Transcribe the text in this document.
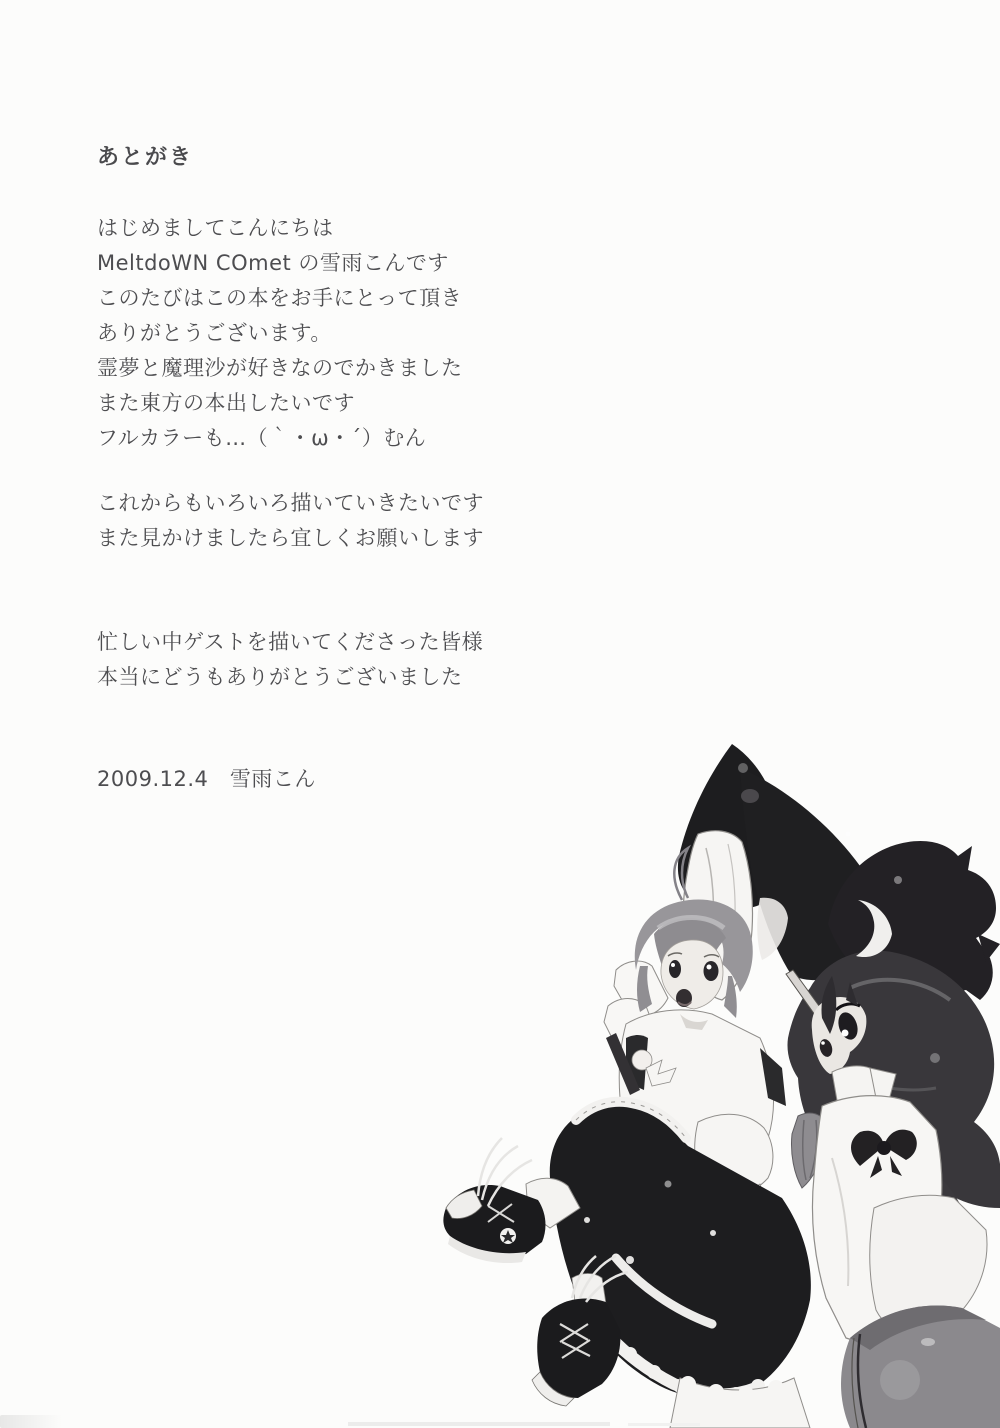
あとがき
はじめましてこんにちは
MeltdoWN COmet の雪雨こんです
このたびはこの本をお手にとって頂き
ありがとうございます。
霊夢と魔理沙が好きなのでかきました
また東方の本出したいです
フルカラーも…（｀・ω・´）むん
これからもいろいろ描いていきたいです
また見かけましたら宜しくお願いします
忙しい中ゲストを描いてくださった皆様
本当にどうもありがとうございました
2009.12.4　雪雨こん
